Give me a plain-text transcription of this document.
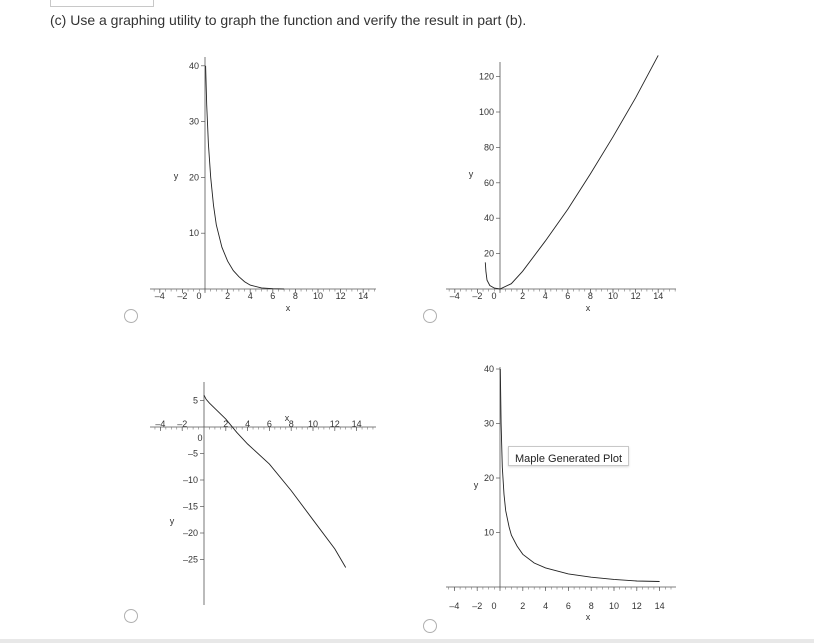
(c) Use a graphing utility to graph the function and verify the result in part (b).
–4 –2 0	2 4 6 8 10 12 14
10
20
30
40
x
y
–4 –2 0	2 4 6 8 10 12 14
20
40
60
80
100
120
x
y
–4 –2	2 4 6 8 10 12 14
5
0
–5
–10
–15
–20
–25
x
y
–4 –2 0	2 4 6 8 10 12 14
10
20
30
40
x
y
Maple Generated Plot
